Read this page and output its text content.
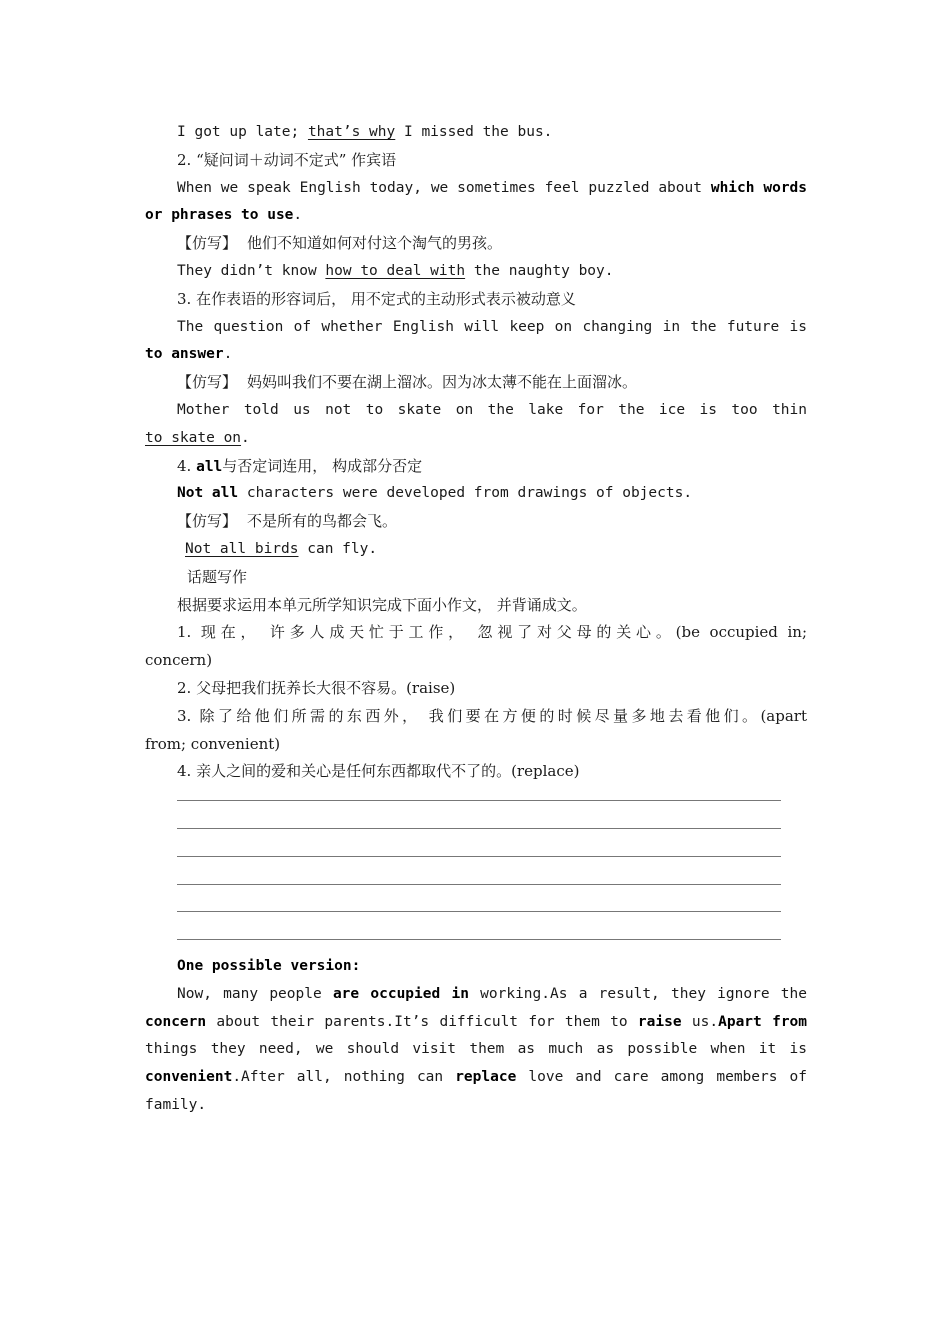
I got up late; that’s why I missed the bus.
2. “疑问词＋动词不定式” 作宾语
When we speak English today, we sometimes feel puzzled about which words
or phrases to use.
【仿写】 他们不知道如何对付这个淘气的男孩。
They didn’t know how to deal with the naughty boy.
3. 在作表语的形容词后， 用不定式的主动形式表示被动意义
The question of whether English will keep on changing in the future is
to answer.
【仿写】 妈妈叫我们不要在湖上溜冰。因为冰太薄不能在上面溜冰。
Mother told us not to skate on the lake for the ice is too thin
to skate on.
4. all与否定词连用， 构成部分否定
Not all characters were developed from drawings of objects.
【仿写】 不是所有的鸟都会飞。
Not all birds can fly.
话题写作
根据要求运用本单元所学知识完成下面小作文， 并背诵成文。
1. 现在， 许多人成天忙于工作， 忽视了对父母的关心。(be occupied in;
concern)
2. 父母把我们抚养长大很不容易。(raise)
3. 除了给他们所需的东西外， 我们要在方便的时候尽量多地去看他们。(apart
from; convenient)
4. 亲人之间的爱和关心是任何东西都取代不了的。(replace)
One possible version:
Now, many people are occupied in working.As a result, they ignore the
concern about their parents.It’s difficult for them to raise us.Apart from
things they need, we should visit them as much as possible when it is
convenient.After all, nothing can replace love and care among members of
family.
